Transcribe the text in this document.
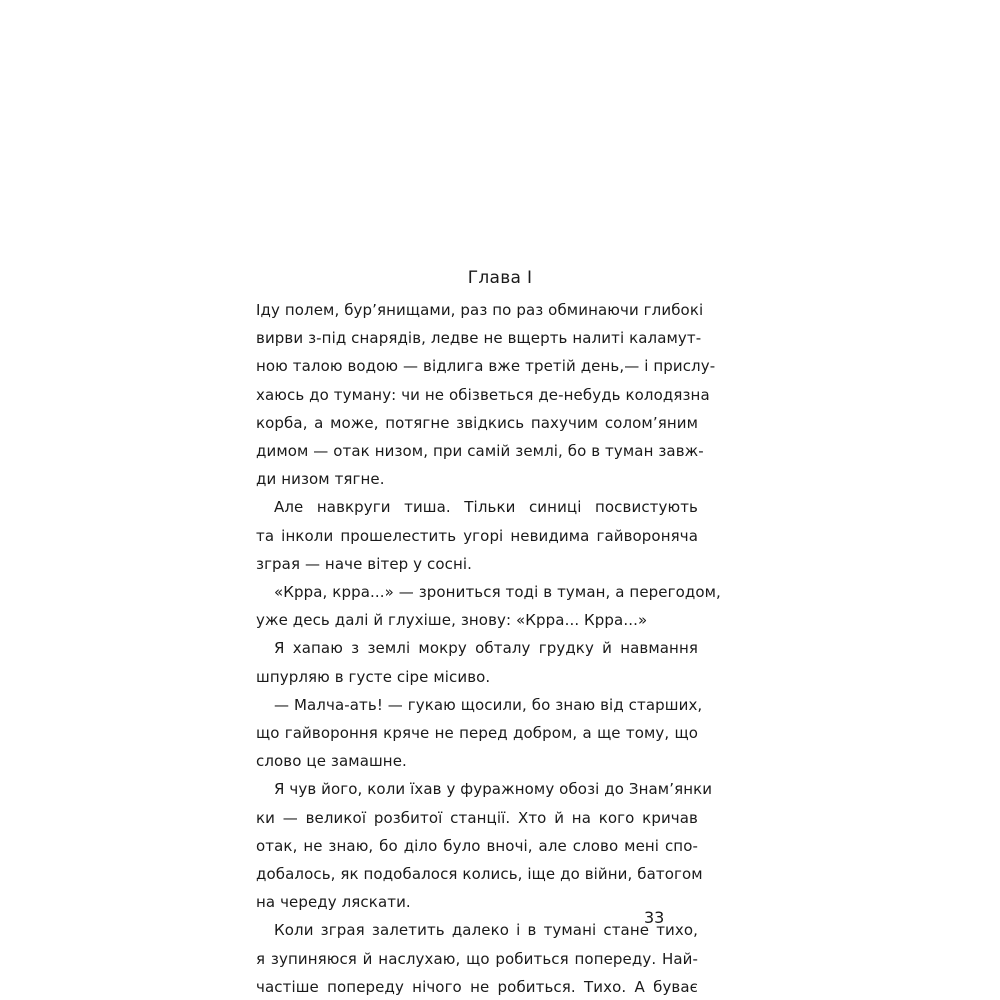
Глава I
Іду полем, бур’янищами, раз по раз обминаючи глибокі
вирви з-під снарядів, ледве не вщерть налиті каламут-
ною талою водою — відлига вже третій день,— і прислу-
хаюсь до туману: чи не обізветься де-небудь колодязна
корба, а може, потягне звідкись пахучим солом’яним
димом — отак низом, при самій землі, бо в туман завж-
ди низом тягне.
Але навкруги тиша. Тільки синиці посвистують
та інколи прошелестить угорі невидима гайвороняча
зграя — наче вітер у сосні.
«Крра, крра...» — зрониться тоді в туман, а перегодом,
уже десь далі й глухіше, знову: «Крра... Крра...»
Я хапаю з землі мокру обталу грудку й навмання
шпурляю в густе сіре місиво.
— Малча-ать! — гукаю щосили, бо знаю від старших,
що гайвороння кряче не перед добром, а ще тому, що
слово це замашне.
Я чув його, коли їхав у фуражному обозі до Знам’янки
ки — великої розбитої станції. Хто й на кого кричав
отак, не знаю, бо діло було вночі, але слово мені спо-
добалось, як подобалося колись, іще до війни, батогом
на череду ляскати.
Коли зграя залетить далеко і в тумані стане тихо,
я зупиняюся й наслухаю, що робиться попереду. Най-
частіше попереду нічого не робиться. Тихо. А буває
33
